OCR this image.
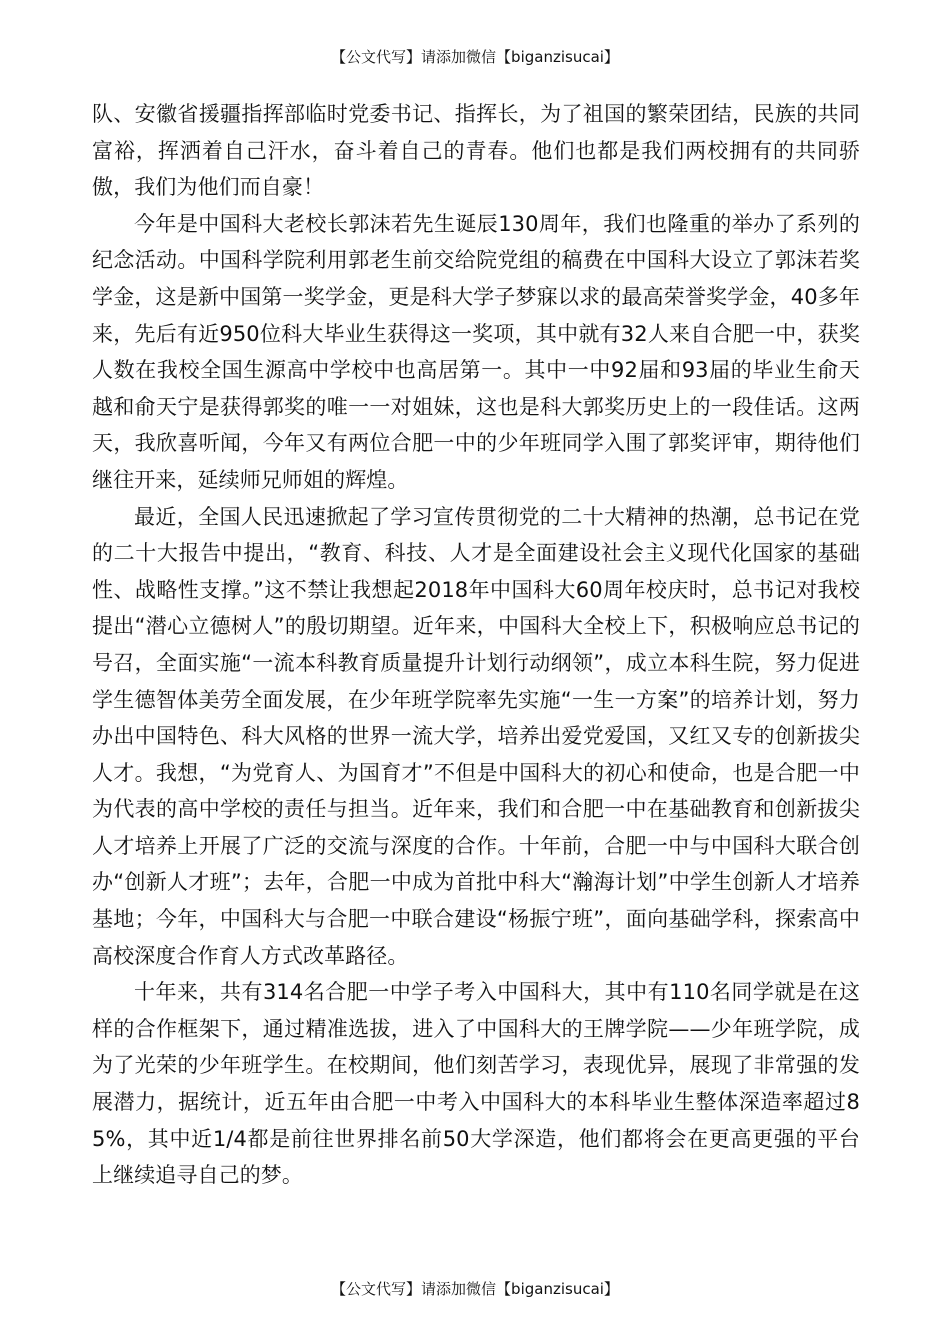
【公文代写】请添加微信【biganzisucai】

队、安徽省援疆指挥部临时党委书记、指挥长，为了祖国的繁荣团结，民族的共同富裕，挥洒着自己汗水，奋斗着自己的青春。他们也都是我们两校拥有的共同骄傲，我们为他们而自豪！

今年是中国科大老校长郭沫若先生诞辰130周年，我们也隆重的举办了系列的纪念活动。中国科学院利用郭老生前交给院党组的稿费在中国科大设立了郭沫若奖学金，这是新中国第一奖学金，更是科大学子梦寐以求的最高荣誉奖学金，40多年来，先后有近950位科大毕业生获得这一奖项，其中就有32人来自合肥一中，获奖人数在我校全国生源高中学校中也高居第一。其中一中92届和93届的毕业生俞天越和俞天宁是获得郭奖的唯一一对姐妹，这也是科大郭奖历史上的一段佳话。这两天，我欣喜听闻，今年又有两位合肥一中的少年班同学入围了郭奖评审，期待他们继往开来，延续师兄师姐的辉煌。

最近，全国人民迅速掀起了学习宣传贯彻党的二十大精神的热潮，总书记在党的二十大报告中提出，“教育、科技、人才是全面建设社会主义现代化国家的基础性、战略性支撑。”这不禁让我想起2018年中国科大60周年校庆时，总书记对我校提出“潜心立德树人”的殷切期望。近年来，中国科大全校上下，积极响应总书记的号召，全面实施“一流本科教育质量提升计划行动纲领”，成立本科生院，努力促进学生德智体美劳全面发展，在少年班学院率先实施“一生一方案”的培养计划，努力办出中国特色、科大风格的世界一流大学，培养出爱党爱国，又红又专的创新拔尖人才。我想，“为党育人、为国育才”不但是中国科大的初心和使命，也是合肥一中为代表的高中学校的责任与担当。近年来，我们和合肥一中在基础教育和创新拔尖人才培养上开展了广泛的交流与深度的合作。十年前，合肥一中与中国科大联合创办“创新人才班”；去年，合肥一中成为首批中科大“瀚海计划”中学生创新人才培养基地；今年，中国科大与合肥一中联合建设“杨振宁班”，面向基础学科，探索高中高校深度合作育人方式改革路径。

十年来，共有314名合肥一中学子考入中国科大，其中有110名同学就是在这样的合作框架下，通过精准选拔，进入了中国科大的王牌学院——少年班学院，成为了光荣的少年班学生。在校期间，他们刻苦学习，表现优异，展现了非常强的发展潜力，据统计，近五年由合肥一中考入中国科大的本科毕业生整体深造率超过85%，其中近1/4都是前往世界排名前50大学深造，他们都将会在更高更强的平台上继续追寻自己的梦。

【公文代写】请添加微信【biganzisucai】
